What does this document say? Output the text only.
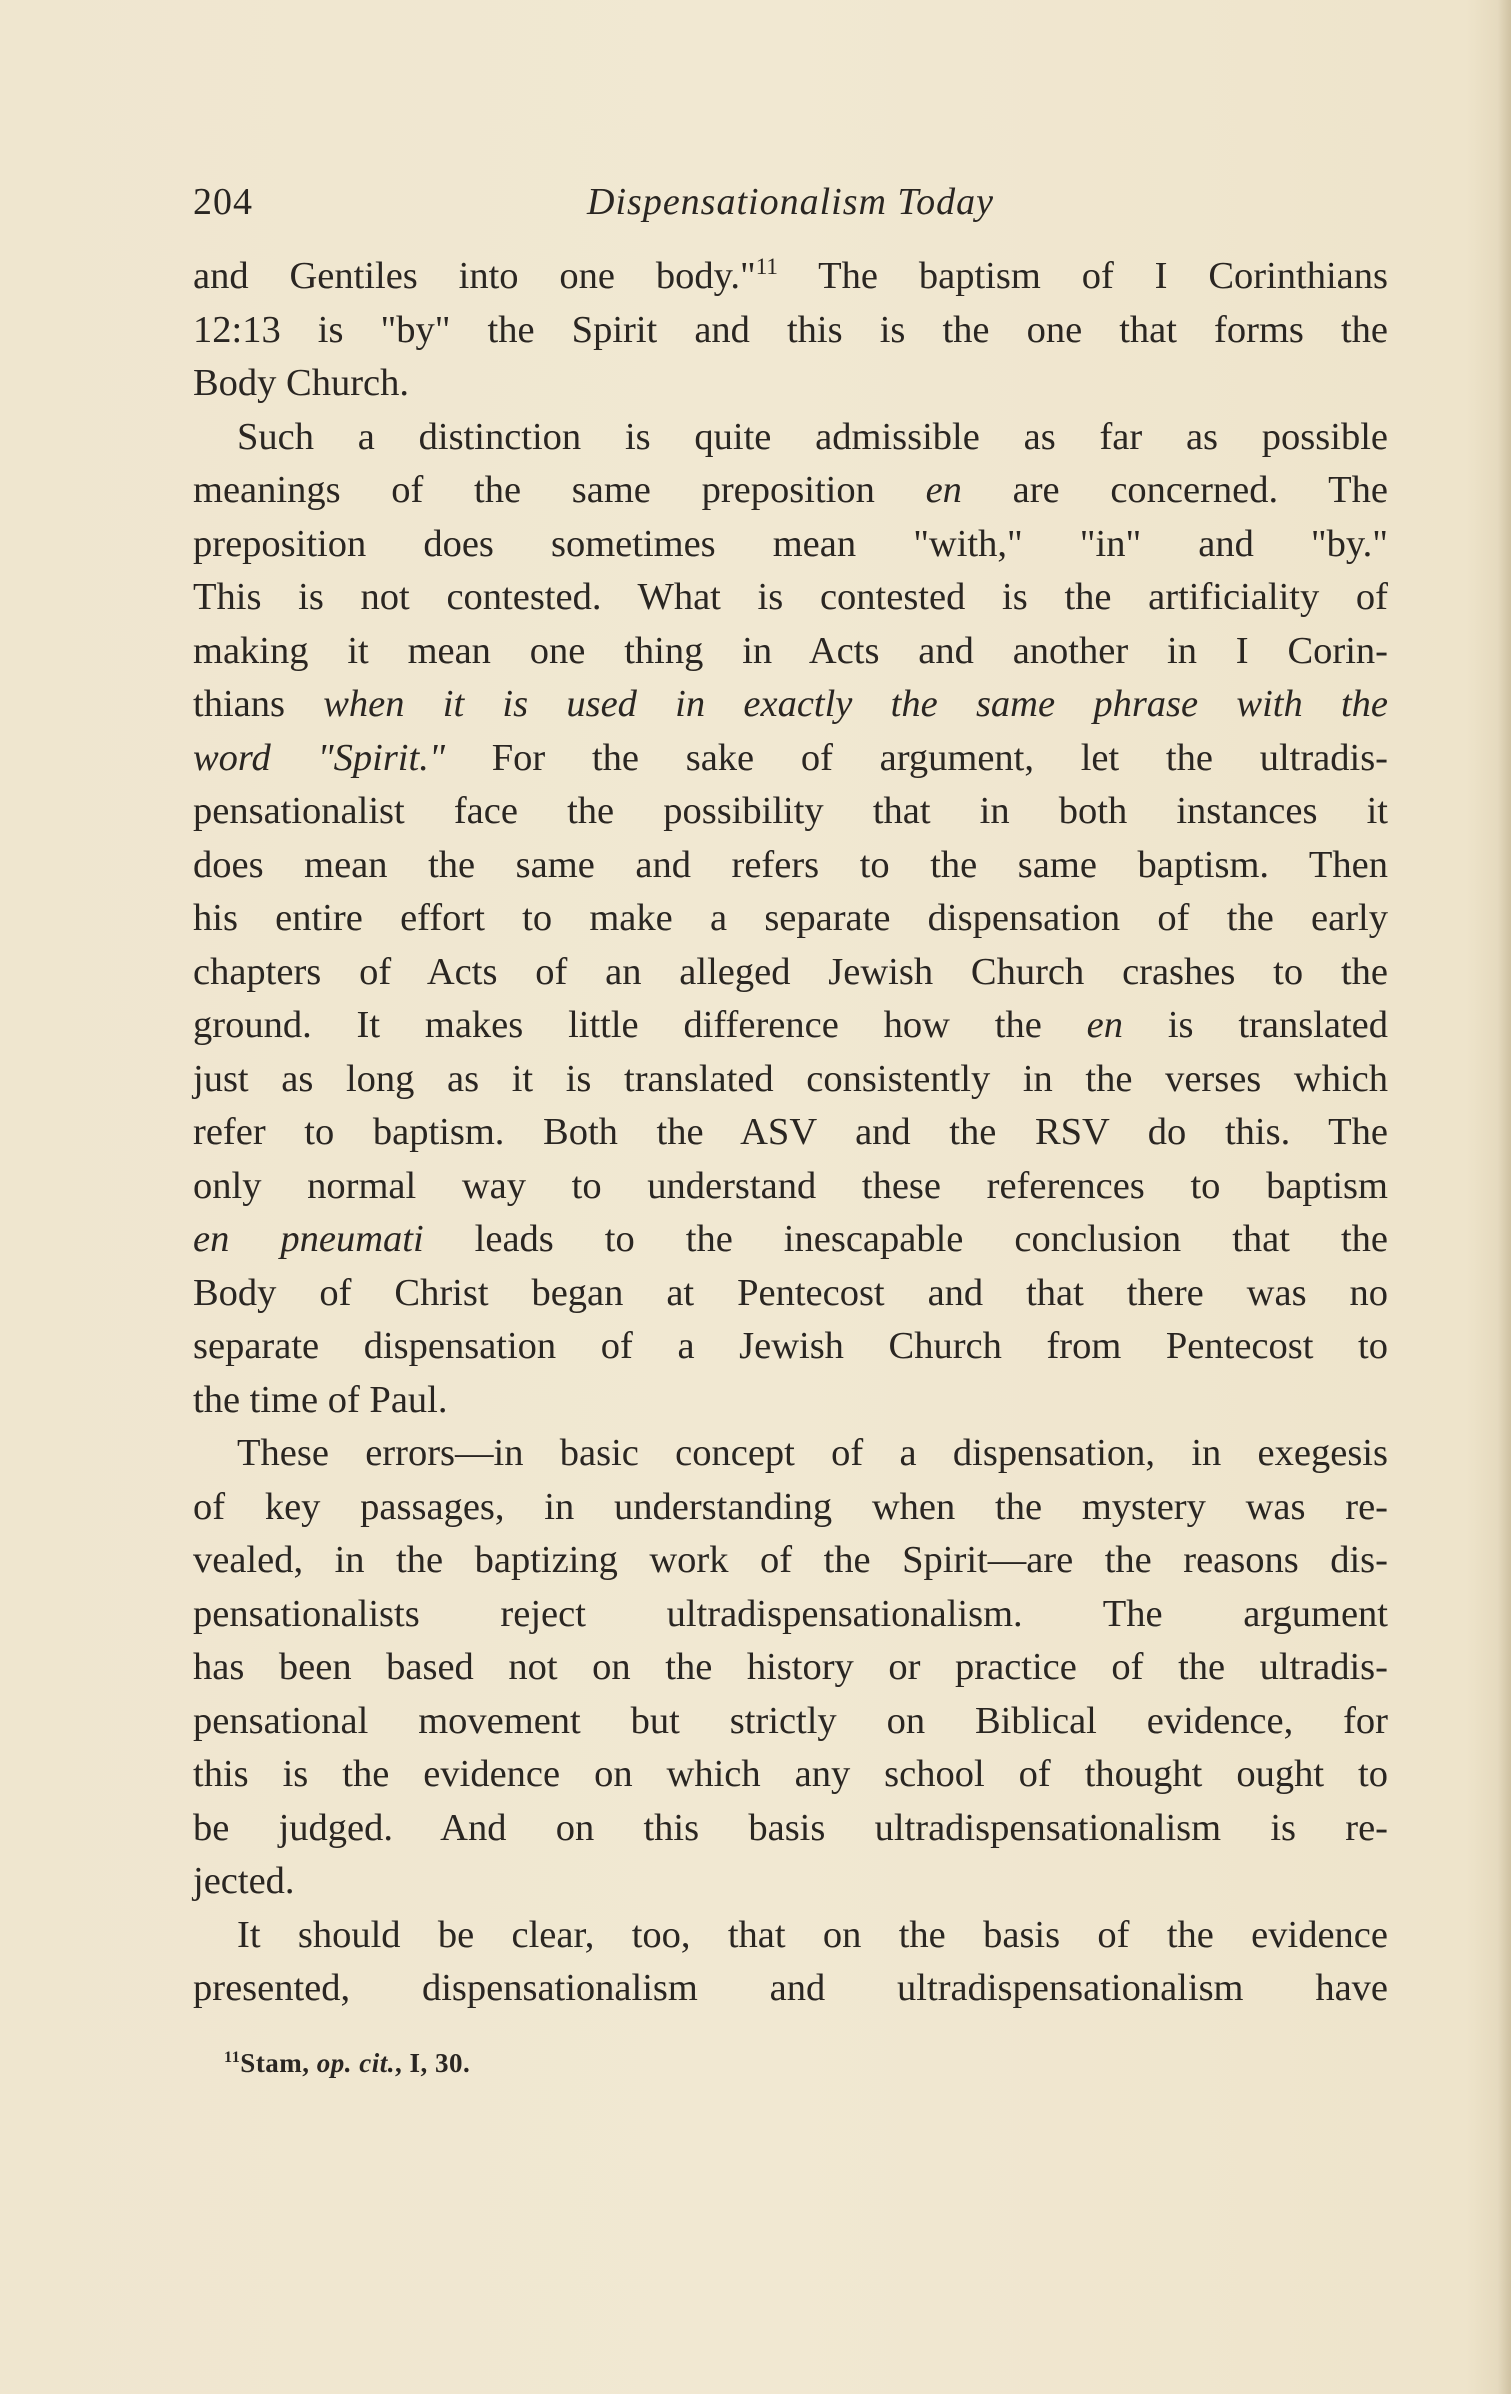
204	Dispensationalism Today
and Gentiles into one body."$^{11}$ The baptism of I Corinthians
12:13 is "by" the Spirit and this is the one that forms the
Body Church.
Such a distinction is quite admissible as far as possible
meanings of the same preposition en are concerned. The
preposition does sometimes mean "with," "in" and "by."
This is not contested. What is contested is the artificiality of
making it mean one thing in Acts and another in I Corin-
thians when it is used in exactly the same phrase with the
word "Spirit." For the sake of argument, let the ultradis-
pensationalist face the possibility that in both instances it
does mean the same and refers to the same baptism. Then
his entire effort to make a separate dispensation of the early
chapters of Acts of an alleged Jewish Church crashes to the
ground. It makes little difference how the en is translated
just as long as it is translated consistently in the verses which
refer to baptism. Both the ASV and the RSV do this. The
only normal way to understand these references to baptism
en pneumati leads to the inescapable conclusion that the
Body of Christ began at Pentecost and that there was no
separate dispensation of a Jewish Church from Pentecost to
the time of Paul.
These errors—in basic concept of a dispensation, in exegesis
of key passages, in understanding when the mystery was re-
vealed, in the baptizing work of the Spirit—are the reasons dis-
pensationalists reject ultradispensationalism. The argument
has been based not on the history or practice of the ultradis-
pensational movement but strictly on Biblical evidence, for
this is the evidence on which any school of thought ought to
be judged. And on this basis ultradispensationalism is re-
jected.
It should be clear, too, that on the basis of the evidence
presented, dispensationalism and ultradispensationalism have
$^{11}$Stam, op. cit., I, 30.
